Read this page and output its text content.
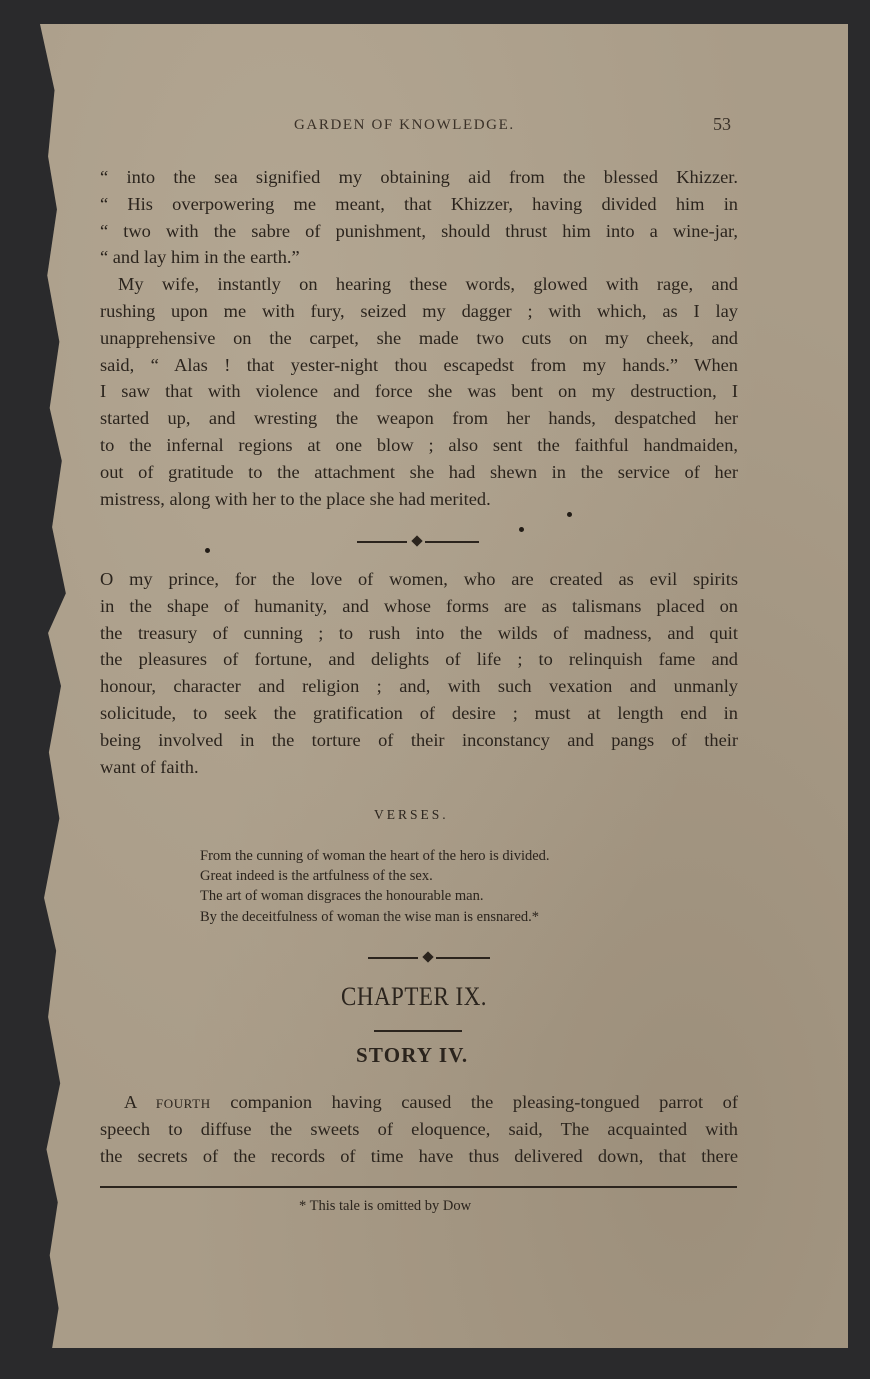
GARDEN OF KNOWLEDGE.	53
“ into the sea signified my obtaining aid from the blessed Khizzer.
“ His overpowering me meant, that Khizzer, having divided him in
“ two with the sabre of punishment, should thrust him into a wine-jar,
“ and lay him in the earth.”
My wife, instantly on hearing these words, glowed with rage, and
rushing upon me with fury, seized my dagger ; with which, as I lay
unapprehensive on the carpet, she made two cuts on my cheek, and
said, “ Alas ! that yester-night thou escapedst from my hands.” When
I saw that with violence and force she was bent on my destruction, I
started up, and wresting the weapon from her hands, despatched her
to the infernal regions at one blow ; also sent the faithful handmaiden,
out of gratitude to the attachment she had shewn in the service of her
mistress, along with her to the place she had merited.
O my prince, for the love of women, who are created as evil spirits
in the shape of humanity, and whose forms are as talismans placed on
the treasury of cunning ; to rush into the wilds of madness, and quit
the pleasures of fortune, and delights of life ; to relinquish fame and
honour, character and religion ; and, with such vexation and unmanly
solicitude, to seek the gratification of desire ; must at length end in
being involved in the torture of their inconstancy and pangs of their
want of faith.
VERSES.
From the cunning of woman the heart of the hero is divided.
Great indeed is the artfulness of the sex.
The art of woman disgraces the honourable man.
By the deceitfulness of woman the wise man is ensnared.*
CHAPTER IX.
STORY IV.
A fourth companion having caused the pleasing-tongued parrot of
speech to diffuse the sweets of eloquence, said, The acquainted with
the secrets of the records of time have thus delivered down, that there
* This tale is omitted by Dow
